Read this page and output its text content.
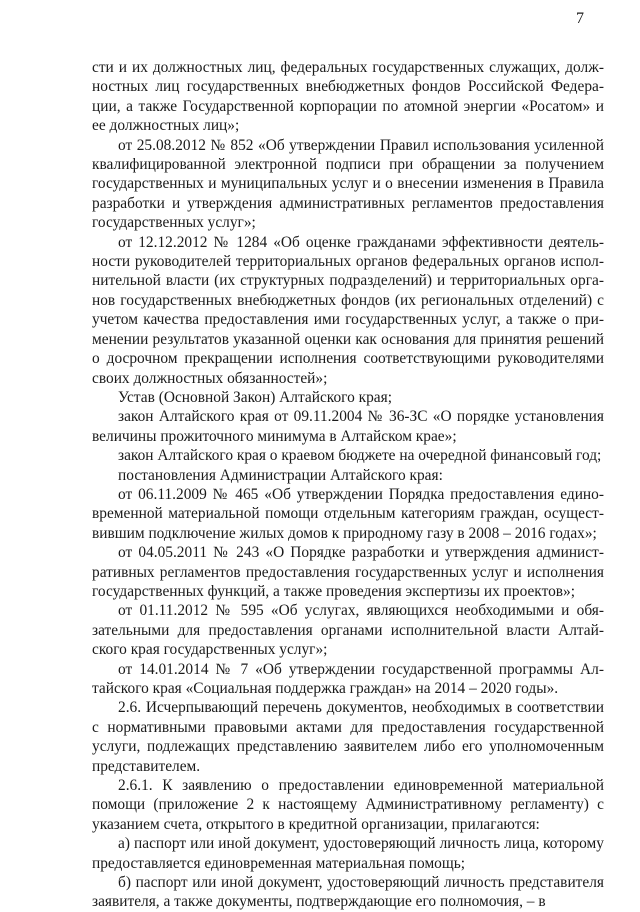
7

сти и их должностных лиц, федеральных государственных служащих, должностных лиц государственных внебюджетных фондов Российской Федерации, а также Государственной корпорации по атомной энергии «Росатом» и ее должностных лиц»;

от 25.08.2012 № 852 «Об утверждении Правил использования усиленной квалифицированной электронной подписи при обращении за получением государственных и муниципальных услуг и о внесении изменения в Правила разработки и утверждения административных регламентов предоставления государственных услуг»;

от 12.12.2012 № 1284 «Об оценке гражданами эффективности деятельности руководителей территориальных органов федеральных органов исполнительной власти (их структурных подразделений) и территориальных органов государственных внебюджетных фондов (их региональных отделений) с учетом качества предоставления ими государственных услуг, а также о применении результатов указанной оценки как основания для принятия решений о досрочном прекращении исполнения соответствующими руководителями своих должностных обязанностей»;

Устав (Основной Закон) Алтайского края;

закон Алтайского края от 09.11.2004 № 36-ЗС «О порядке установления величины прожиточного минимума в Алтайском крае»;

закон Алтайского края о краевом бюджете на очередной финансовый год;

постановления Администрации Алтайского края:

от 06.11.2009 № 465 «Об утверждении Порядка предоставления единовременной материальной помощи отдельным категориям граждан, осуществившим подключение жилых домов к природному газу в 2008 – 2016 годах»;

от 04.05.2011 № 243 «О Порядке разработки и утверждения административных регламентов предоставления государственных услуг и исполнения государственных функций, а также проведения экспертизы их проектов»;

от 01.11.2012 № 595 «Об услугах, являющихся необходимыми и обязательными для предоставления органами исполнительной власти Алтайского края государственных услуг»;

от 14.01.2014 № 7 «Об утверждении государственной программы Алтайского края «Социальная поддержка граждан» на 2014 – 2020 годы».

2.6. Исчерпывающий перечень документов, необходимых в соответствии с нормативными правовыми актами для предоставления государственной услуги, подлежащих представлению заявителем либо его уполномоченным представителем.

2.6.1. К заявлению о предоставлении единовременной материальной помощи (приложение 2 к настоящему Административному регламенту) с указанием счета, открытого в кредитной организации, прилагаются:

а) паспорт или иной документ, удостоверяющий личность лица, которому предоставляется единовременная материальная помощь;

б) паспорт или иной документ, удостоверяющий личность представителя заявителя, а также документы, подтверждающие его полномочия, – в
